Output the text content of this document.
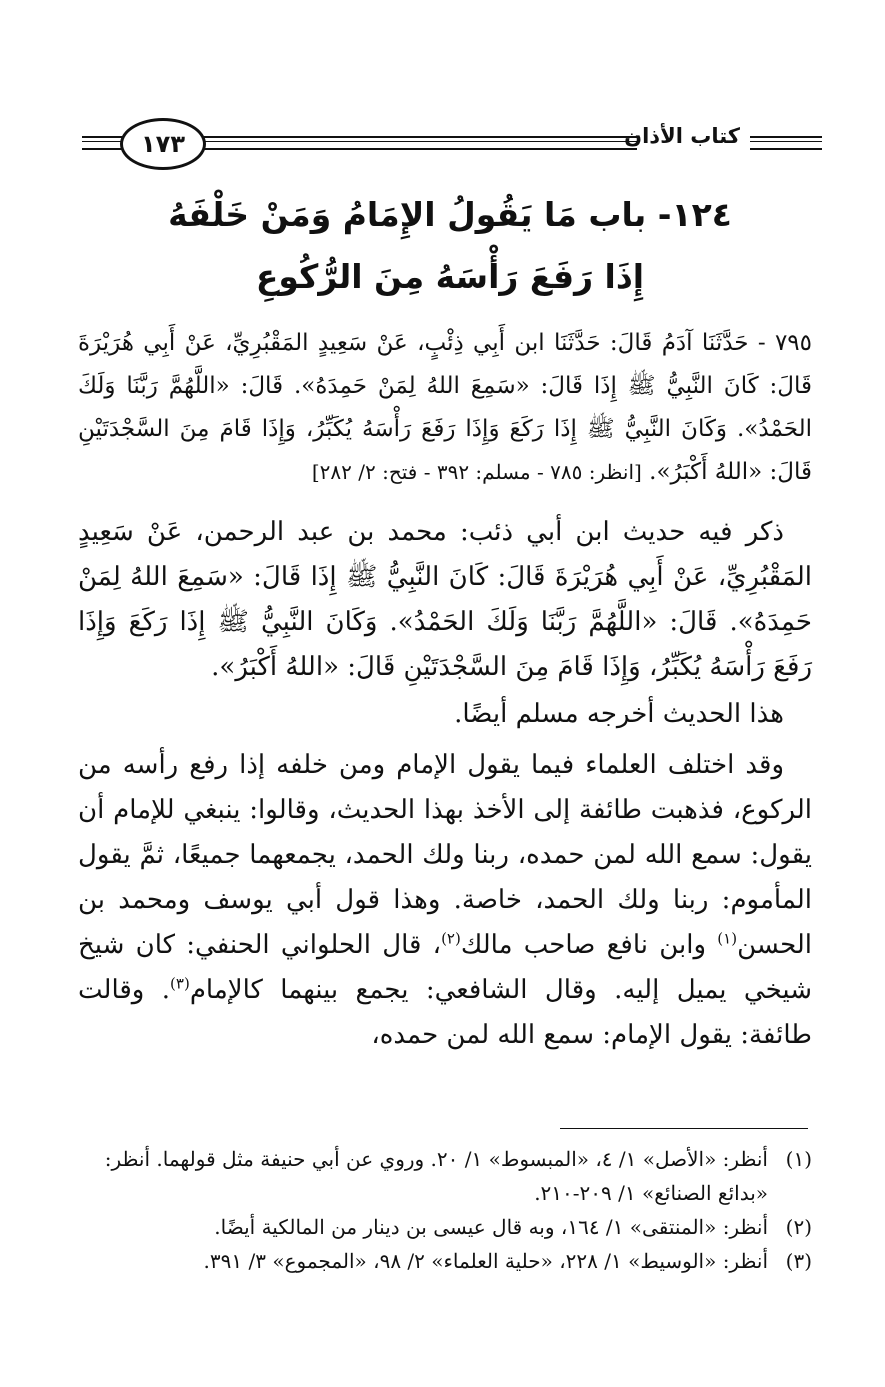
١٧٣	كتاب الأذان
١٢٤- باب مَا يَقُولُ الإِمَامُ وَمَنْ خَلْفَهُ
إِذَا رَفَعَ رَأْسَهُ مِنَ الرُّكُوعِ
٧٩٥ - حَدَّثَنَا آدَمُ قَالَ: حَدَّثَنَا ابن أَبِي ذِئْبٍ، عَنْ سَعِيدٍ المَقْبُرِيِّ، عَنْ أَبِي هُرَيْرَةَ قَالَ: كَانَ النَّبِيُّ ﷺ إِذَا قَالَ: «سَمِعَ اللهُ لِمَنْ حَمِدَهُ». قَالَ: «اللَّهُمَّ رَبَّنَا وَلَكَ الحَمْدُ». وَكَانَ النَّبِيُّ ﷺ إِذَا رَكَعَ وَإِذَا رَفَعَ رَأْسَهُ يُكَبِّرُ، وَإِذَا قَامَ مِنَ السَّجْدَتَيْنِ قَالَ: «اللهُ أَكْبَرُ». [انظر: ٧٨٥ - مسلم: ٣٩٢ - فتح: ٢/ ٢٨٢]

ذكر فيه حديث ابن أبي ذئب: محمد بن عبد الرحمن، عَنْ سَعِيدٍ المَقْبُرِيِّ، عَنْ أَبِي هُرَيْرَةَ قَالَ: كَانَ النَّبِيُّ ﷺ إِذَا قَالَ: «سَمِعَ اللهُ لِمَنْ حَمِدَهُ». قَالَ: «اللَّهُمَّ رَبَّنَا وَلَكَ الحَمْدُ». وَكَانَ النَّبِيُّ ﷺ إِذَا رَكَعَ وَإِذَا رَفَعَ رَأْسَهُ يُكَبِّرُ، وَإِذَا قَامَ مِنَ السَّجْدَتَيْنِ قَالَ: «اللهُ أَكْبَرُ».

هذا الحديث أخرجه مسلم أيضًا.

وقد اختلف العلماء فيما يقول الإمام ومن خلفه إذا رفع رأسه من الركوع، فذهبت طائفة إلى الأخذ بهذا الحديث، وقالوا: ينبغي للإمام أن يقول: سمع الله لمن حمده، ربنا ولك الحمد، يجمعهما جميعًا، ثمَّ يقول المأموم: ربنا ولك الحمد، خاصة. وهذا قول أبي يوسف ومحمد بن الحسن$^{(١)}$ وابن نافع صاحب مالك$^{(٢)}$، قال الحلواني الحنفي: كان شيخ شيخي يميل إليه. وقال الشافعي: يجمع بينهما كالإمام$^{(٣)}$. وقالت طائفة: يقول الإمام: سمع الله لمن حمده،

(١)
أنظر: «الأصل» ١/ ٤، «المبسوط» ١/ ٢٠. وروي عن أبي حنيفة مثل قولهما. أنظر: «بدائع الصنائع» ١/ ٢٠٩-٢١٠.
(٢)
أنظر: «المنتقى» ١/ ١٦٤، وبه قال عيسى بن دينار من المالكية أيضًا.
(٣)
أنظر: «الوسيط» ١/ ٢٢٨، «حلية العلماء» ٢/ ٩٨، «المجموع» ٣/ ٣٩١.
